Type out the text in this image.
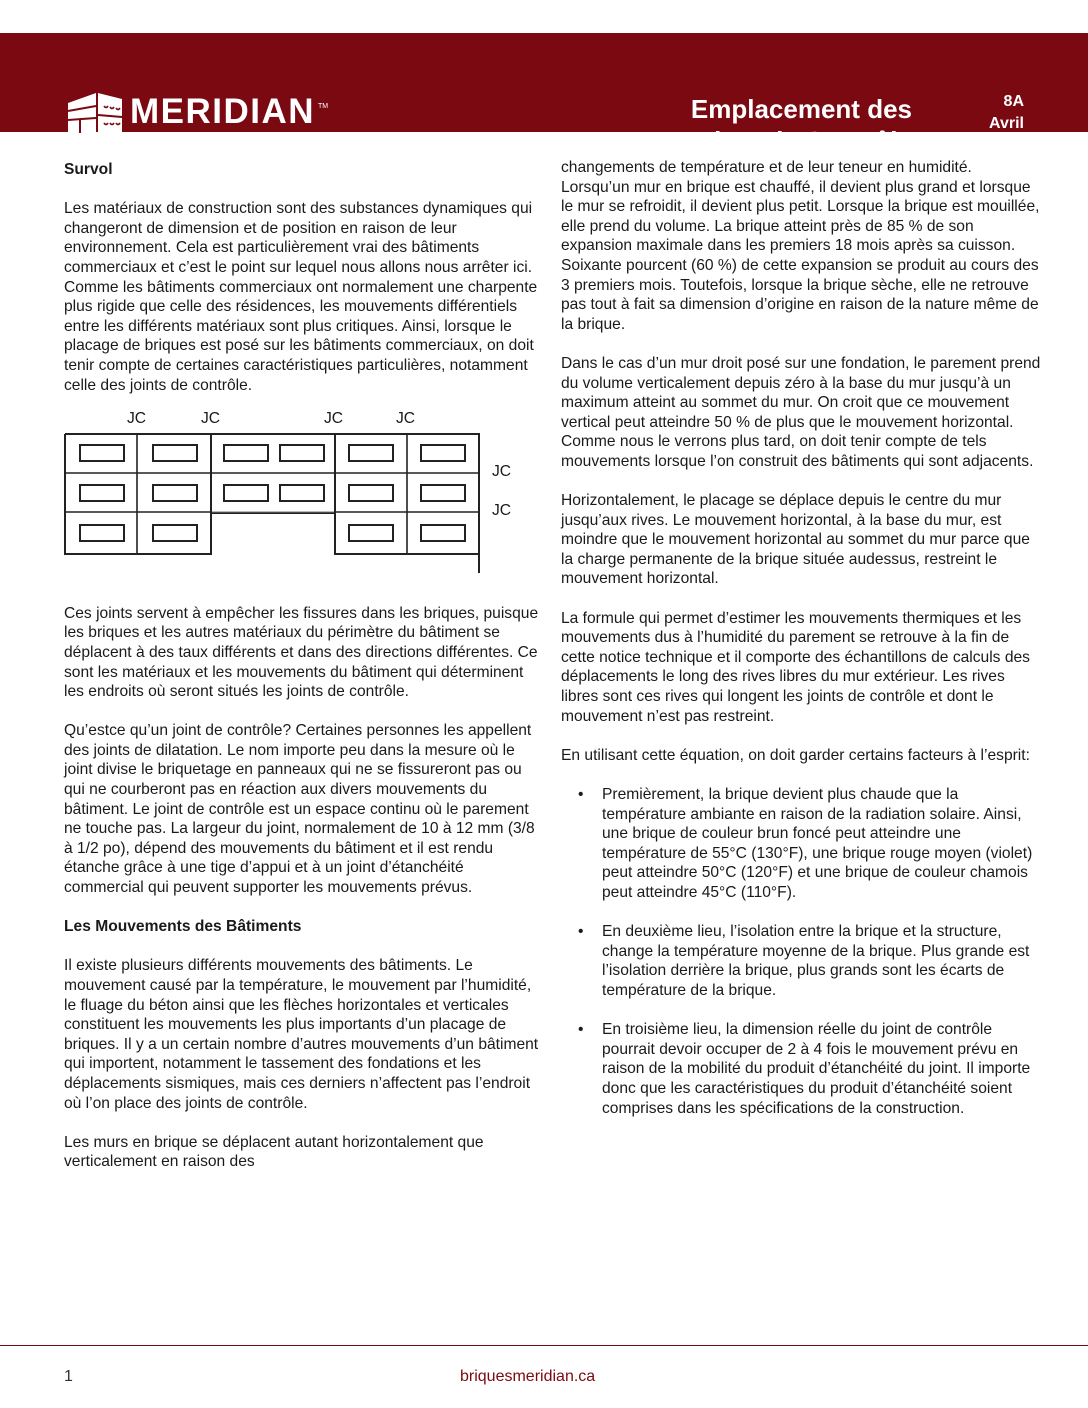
MERIDIAN TM
BRIQUES
Emplacement des
Joints de Contrôle
8A
Avril
2004
Survol

Les matériaux de construction sont des substances dynamiques qui changeront de dimension et de position en raison de leur environnement. Cela est particulièrement vrai des bâtiments commerciaux et c’est le point sur lequel nous allons nous arrêter ici. Comme les bâtiments commerciaux ont normalement une charpente plus rigide que celle des résidences, les mouvements différentiels entre les différents matériaux sont plus critiques. Ainsi, lorsque le placage de briques est posé sur les bâtiments commerciaux, on doit tenir compte de certaines caractéristiques particulières, notamment celle des joints de contrôle.

JC	JC	JC	JC
JC
JC

Ces joints servent à empêcher les fissures dans les briques, puisque les briques et les autres matériaux du périmètre du bâtiment se déplacent à des taux différents et dans des directions différentes. Ce sont les matériaux et les mouvements du bâtiment qui déterminent les endroits où seront situés les joints de contrôle.

Qu’estce qu’un joint de contrôle? Certaines personnes les appellent des joints de dilatation. Le nom importe peu dans la mesure où le joint divise le briquetage en panneaux qui ne se fissureront pas ou qui ne courberont pas en réaction aux divers mouvements du bâtiment. Le joint de contrôle est un espace continu où le parement ne touche pas. La largeur du joint, normalement de 10 à 12 mm (3/8 à 1/2 po), dépend des mouvements du bâtiment et il est rendu étanche grâce à une tige d’appui et à un joint d’étanchéité commercial qui peuvent supporter les mouvements prévus.

Les Mouvements des Bâtiments

Il existe plusieurs différents mouvements des bâtiments. Le mouvement causé par la température, le mouvement par l’humidité, le fluage du béton ainsi que les flèches horizontales et verticales constituent les mouvements les plus importants d’un placage de briques. Il y a un certain nombre d’autres mouvements d’un bâtiment qui importent, notamment le tassement des fondations et les déplacements sismiques, mais ces derniers n’affectent pas l’endroit où l’on place des joints de contrôle.

Les murs en brique se déplacent autant horizontalement que verticalement en raison des

changements de température et de leur teneur en humidité. Lorsqu’un mur en brique est chauffé, il devient plus grand et lorsque le mur se refroidit, il devient plus petit. Lorsque la brique est mouillée, elle prend du volume. La brique atteint près de 85 % de son expansion maximale dans les premiers 18 mois après sa cuisson. Soixante pourcent (60 %) de cette expansion se produit au cours des 3 premiers mois. Toutefois, lorsque la brique sèche, elle ne retrouve pas tout à fait sa dimension d’origine en raison de la nature même de la brique.

Dans le cas d’un mur droit posé sur une fondation, le parement prend du volume verticalement depuis zéro à la base du mur jusqu’à un maximum atteint au sommet du mur. On croit que ce mouvement vertical peut atteindre 50 % de plus que le mouvement horizontal. Comme nous le verrons plus tard, on doit tenir compte de tels mouvements lorsque l’on construit des bâtiments qui sont adjacents.

Horizontalement, le placage se déplace depuis le centre du mur jusqu’aux rives. Le mouvement horizontal, à la base du mur, est moindre que le mouvement horizontal au sommet du mur parce que la charge permanente de la brique située audessus, restreint le mouvement horizontal.

La formule qui permet d’estimer les mouvements thermiques et les mouvements dus à l’humidité du parement se retrouve à la fin de cette notice technique et il comporte des échantillons de calculs des déplacements le long des rives libres du mur extérieur. Les rives libres sont ces rives qui longent les joints de contrôle et dont le mouvement n’est pas restreint.

En utilisant cette équation, on doit garder certains facteurs à l’esprit:

• Premièrement, la brique devient plus chaude que la température ambiante en raison de la radiation solaire. Ainsi, une brique de couleur brun foncé peut atteindre une température de 55°C (130°F), une brique rouge moyen (violet) peut atteindre 50°C (120°F) et une brique de couleur chamois peut atteindre 45°C (110°F).
• En deuxième lieu, l’isolation entre la brique et la structure, change la température moyenne de la brique. Plus grande est l’isolation derrière la brique, plus grands sont les écarts de température de la brique.
• En troisième lieu, la dimension réelle du joint de contrôle pourrait devoir occuper de 2 à 4 fois le mouvement prévu en raison de la mobilité du produit d’étanchéité du joint. Il importe donc que les caractéristiques du produit d’étanchéité soient comprises dans les spécifications de la construction.
1	briquesmeridian.ca
